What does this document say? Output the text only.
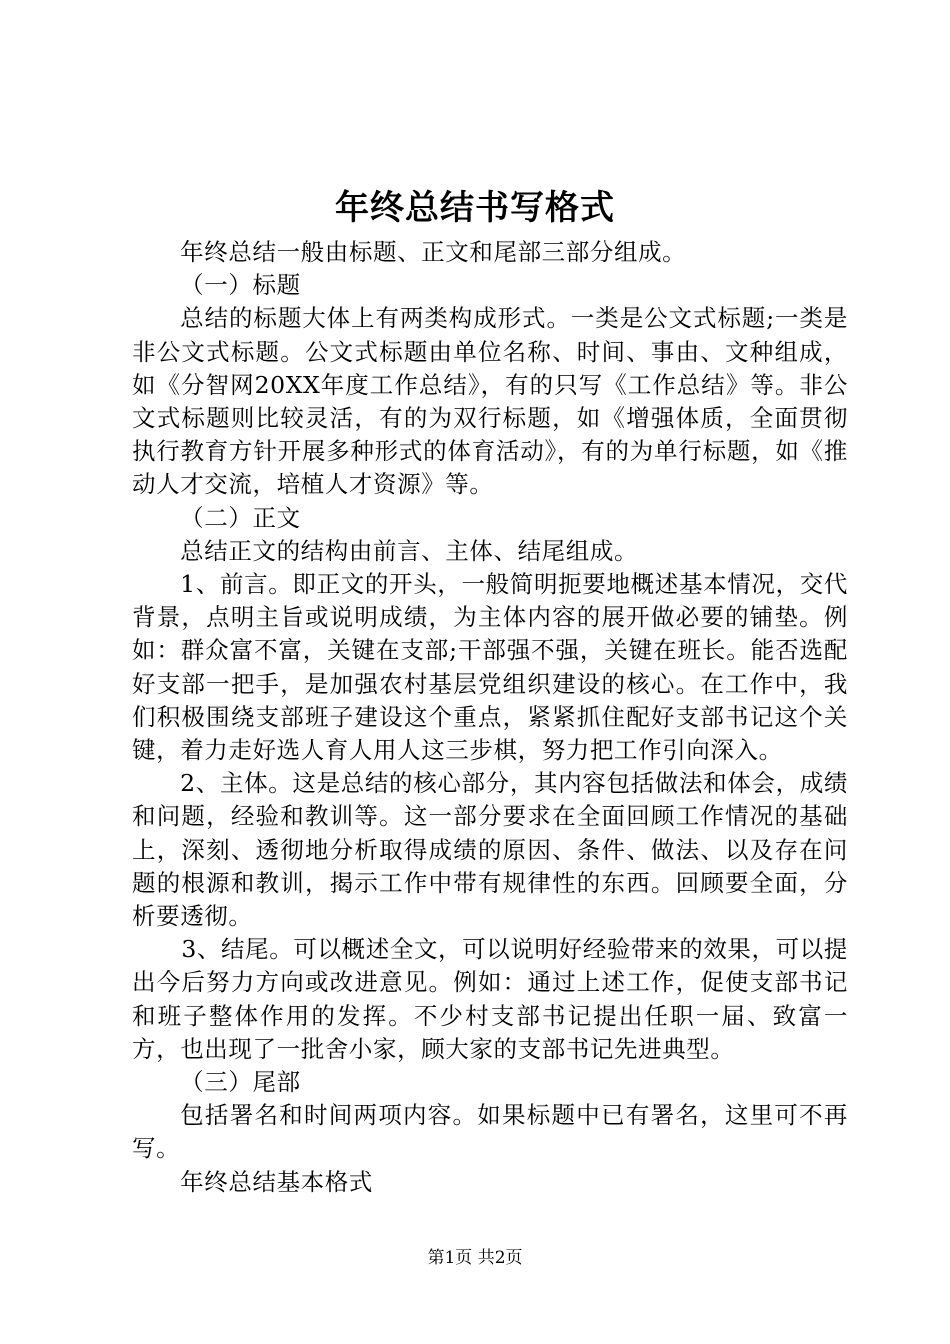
年终总结书写格式

年终总结一般由标题、正文和尾部三部分组成。

（一）标题

总结的标题大体上有两类构成形式。一类是公文式标题;一类是非公文式标题。公文式标题由单位名称、时间、事由、文种组成，如《分智网20XX年度工作总结》，有的只写《工作总结》等。非公文式标题则比较灵活，有的为双行标题，如《增强体质，全面贯彻执行教育方针开展多种形式的体育活动》，有的为单行标题，如《推动人才交流，培植人才资源》等。

（二）正文

总结正文的结构由前言、主体、结尾组成。

1、前言。即正文的开头，一般简明扼要地概述基本情况，交代背景，点明主旨或说明成绩，为主体内容的展开做必要的铺垫。例如：群众富不富，关键在支部;干部强不强，关键在班长。能否选配好支部一把手，是加强农村基层党组织建设的核心。在工作中，我们积极围绕支部班子建设这个重点，紧紧抓住配好支部书记这个关键，着力走好选人育人用人这三步棋，努力把工作引向深入。

2、主体。这是总结的核心部分，其内容包括做法和体会，成绩和问题，经验和教训等。这一部分要求在全面回顾工作情况的基础上，深刻、透彻地分析取得成绩的原因、条件、做法、以及存在问题的根源和教训，揭示工作中带有规律性的东西。回顾要全面，分析要透彻。

3、结尾。可以概述全文，可以说明好经验带来的效果，可以提出今后努力方向或改进意见。例如：通过上述工作，促使支部书记和班子整体作用的发挥。不少村支部书记提出任职一届、致富一方，也出现了一批舍小家，顾大家的支部书记先进典型。

（三）尾部

包括署名和时间两项内容。如果标题中已有署名，这里可不再写。

年终总结基本格式

第1页 共2页
